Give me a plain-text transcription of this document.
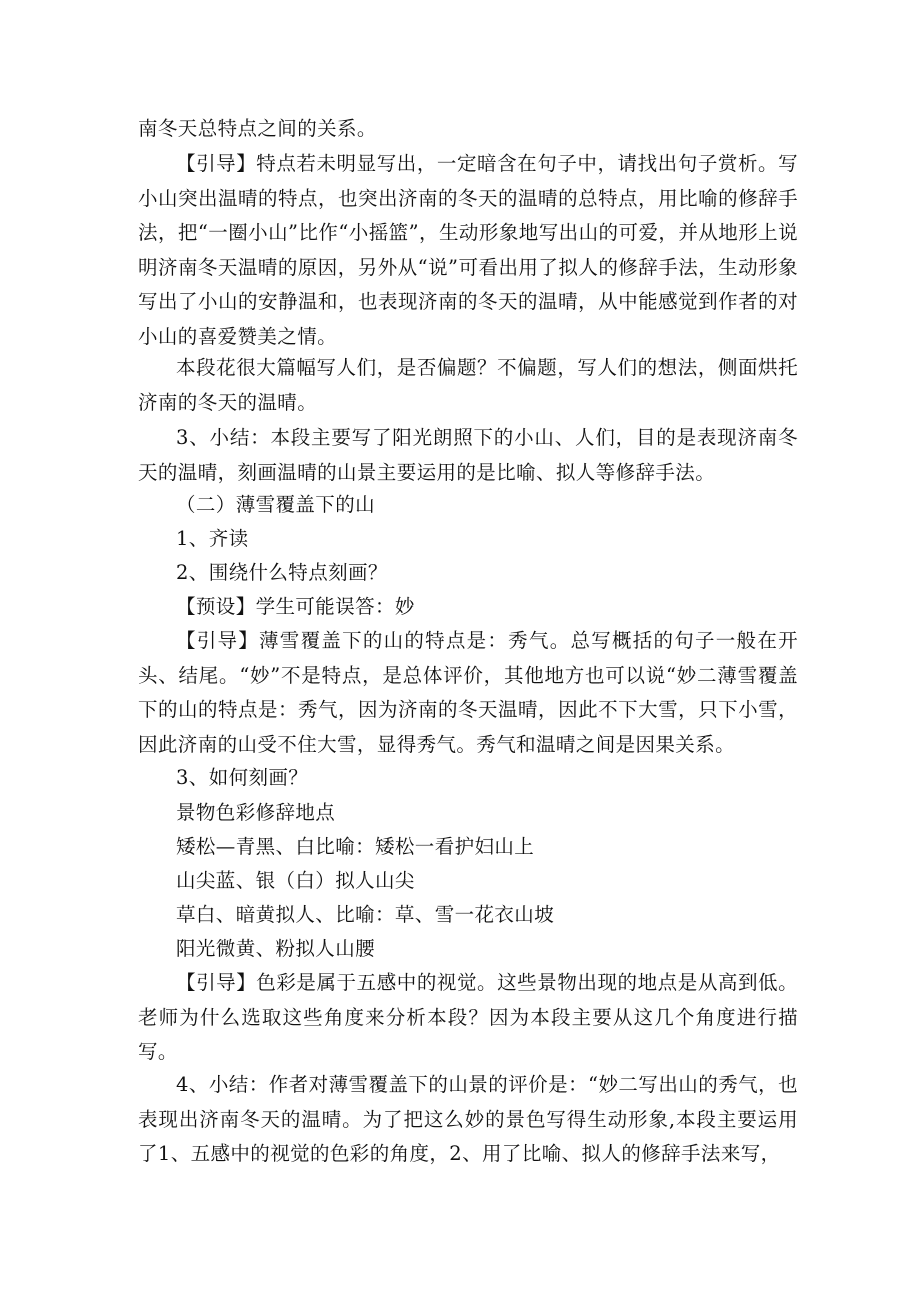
南冬天总特点之间的关系。

【引导】特点若未明显写出，一定暗含在句子中，请找出句子赏析。写小山突出温晴的特点，也突出济南的冬天的温晴的总特点，用比喻的修辞手法，把“一圈小山”比作“小摇篮”，生动形象地写出山的可爱，并从地形上说明济南冬天温晴的原因，另外从“说”可看出用了拟人的修辞手法，生动形象写出了小山的安静温和，也表现济南的冬天的温晴，从中能感觉到作者的对小山的喜爱赞美之情。

本段花很大篇幅写人们，是否偏题？不偏题，写人们的想法，侧面烘托济南的冬天的温晴。

3、小结：本段主要写了阳光朗照下的小山、人们，目的是表现济南冬天的温晴，刻画温晴的山景主要运用的是比喻、拟人等修辞手法。

（二）薄雪覆盖下的山

1、齐读

2、围绕什么特点刻画？

【预设】学生可能误答：妙

【引导】薄雪覆盖下的山的特点是：秀气。总写概括的句子一般在开头、结尾。“妙”不是特点，是总体评价，其他地方也可以说“妙二薄雪覆盖下的山的特点是：秀气，因为济南的冬天温晴，因此不下大雪，只下小雪，因此济南的山受不住大雪，显得秀气。秀气和温晴之间是因果关系。

3、如何刻画？

景物色彩修辞地点

矮松—青黑、白比喻：矮松一看护妇山上

山尖蓝、银（白）拟人山尖

草白、暗黄拟人、比喻：草、雪一花衣山坡

阳光微黄、粉拟人山腰

【引导】色彩是属于五感中的视觉。这些景物出现的地点是从高到低。老师为什么选取这些角度来分析本段？因为本段主要从这几个角度进行描写。

4、小结：作者对薄雪覆盖下的山景的评价是：“妙二写出山的秀气，也表现出济南冬天的温晴。为了把这么妙的景色写得生动形象,本段主要运用了1、五感中的视觉的色彩的角度，2、用了比喻、拟人的修辞手法来写，
